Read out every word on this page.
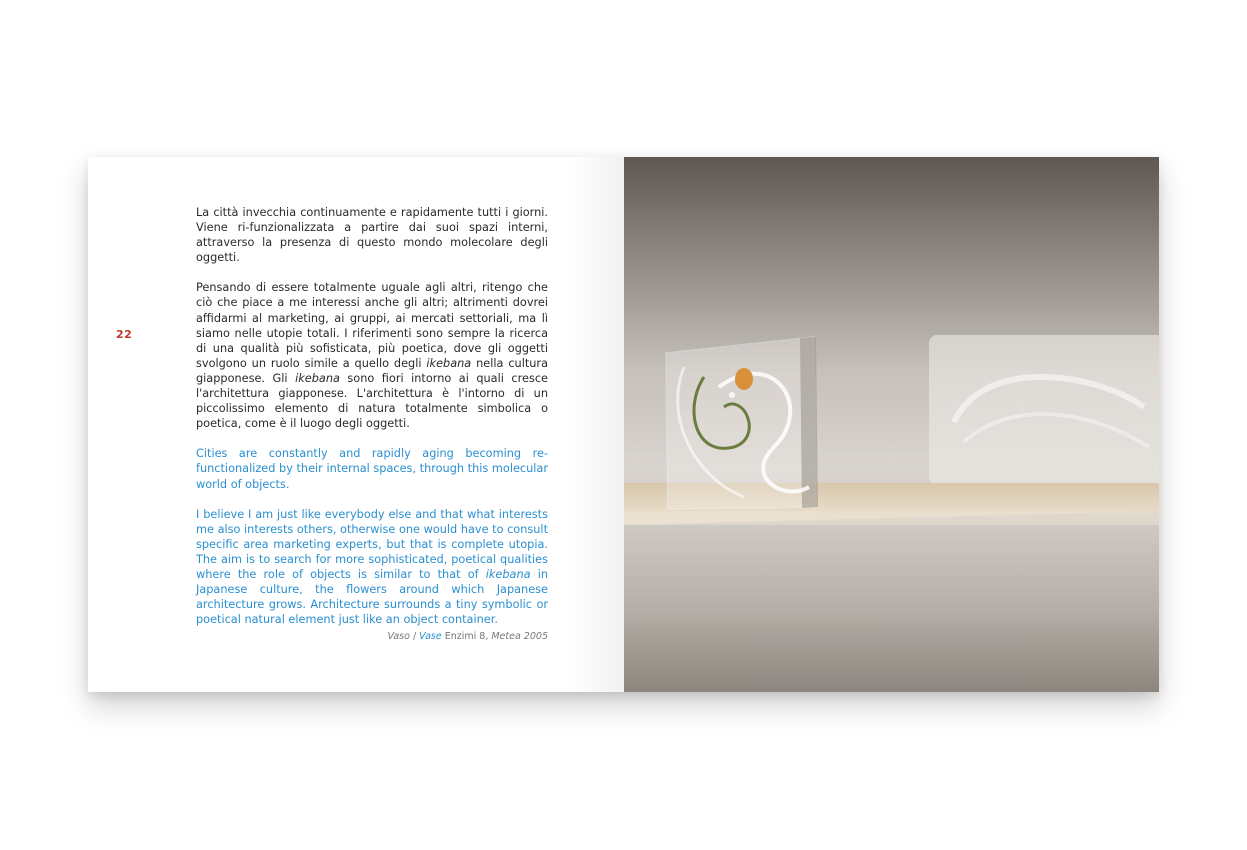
22

La città invecchia continuamente e rapidamente tutti i giorni. Viene ri-funzionalizzata a partire dai suoi spazi interni, attraverso la presenza di questo mondo molecolare degli oggetti.

Pensando di essere totalmente uguale agli altri, ritengo che ciò che piace a me interessi anche gli altri; altrimenti dovrei affidarmi al marketing, ai gruppi, ai mercati settoriali, ma lì siamo nelle utopie totali. I riferimenti sono sempre la ricerca di una qualità più sofisticata, più poetica, dove gli oggetti svolgono un ruolo simile a quello degli ikebana nella cultura giapponese. Gli ikebana sono fiori intorno ai quali cresce l'architettura giapponese. L'architettura è l'intorno di un piccolissimo elemento di natura totalmente simbolica o poetica, come è il luogo degli oggetti.

Cities are constantly and rapidly aging becoming re-functionalized by their internal spaces, through this molecular world of objects.

I believe I am just like everybody else and that what interests me also interests others, otherwise one would have to consult specific area marketing experts, but that is complete utopia. The aim is to search for more sophisticated, poetical qualities where the role of objects is similar to that of ikebana in Japanese culture, the flowers around which Japanese architecture grows. Architecture surrounds a tiny symbolic or poetical natural element just like an object container.

Vaso / Vase Enzimi 8, Metea 2005
